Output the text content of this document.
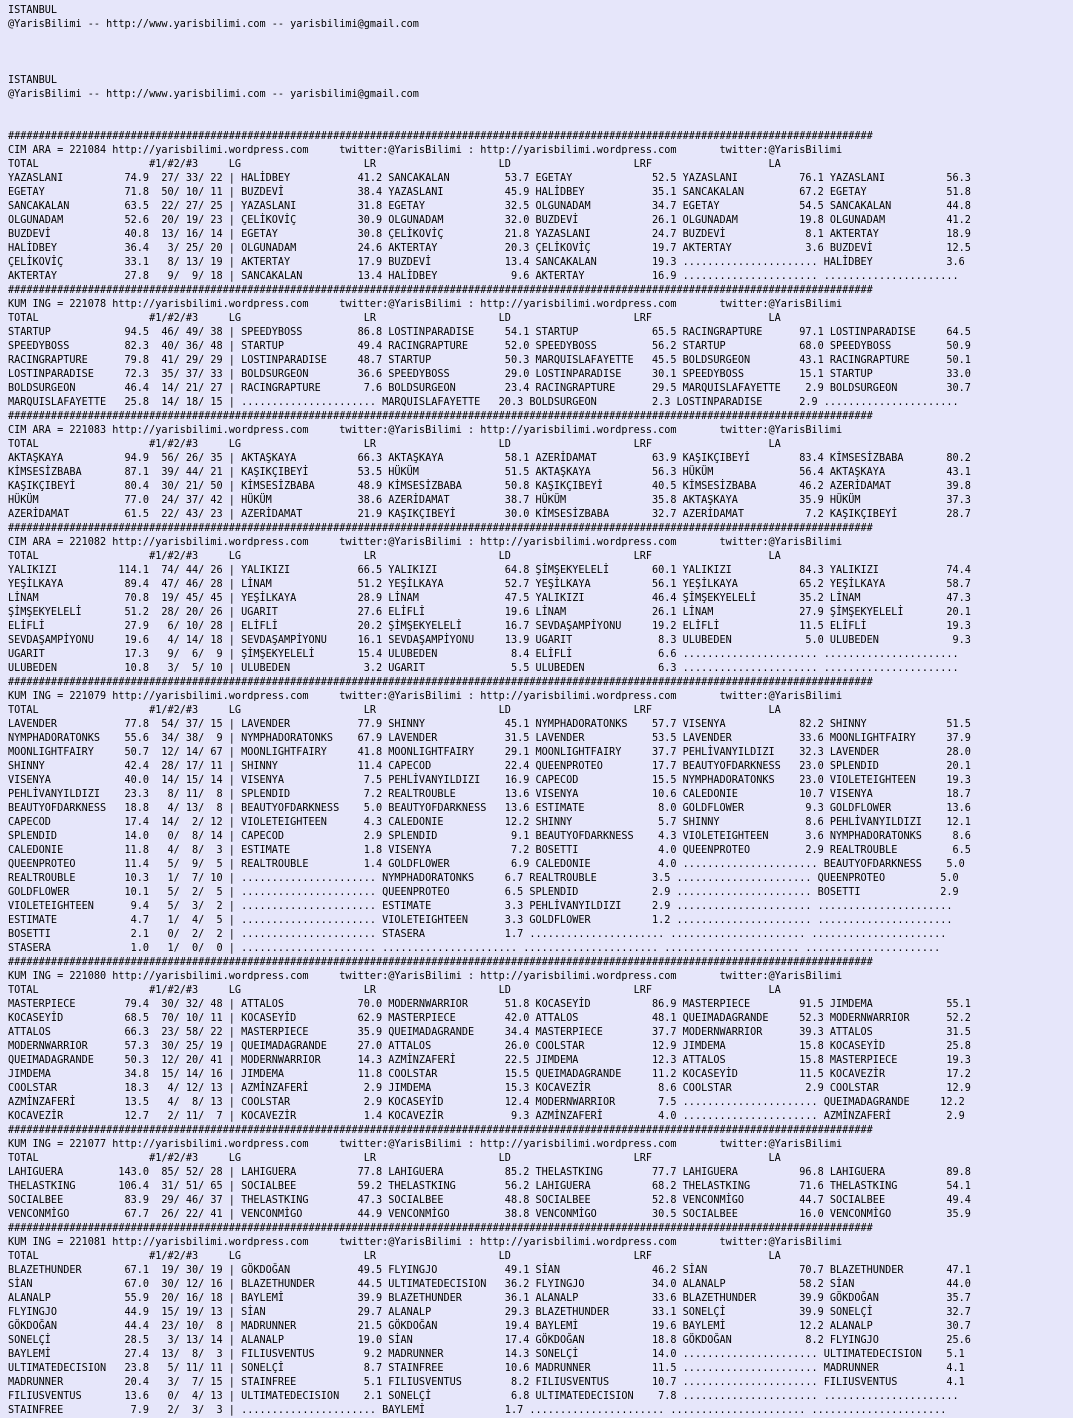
ISTANBUL
@YarisBilimi -- http://www.yarisbilimi.com -- yarisbilimi@gmail.com
ISTANBUL
@YarisBilimi -- http://www.yarisbilimi.com -- yarisbilimi@gmail.com
#############################################################################################################################################
CIM ARA = 221084 http://yarisbilimi.wordpress.com     twitter:@YarisBilimi : http://yarisbilimi.wordpress.com       twitter:@YarisBilimi
TOTAL                  #1/#2/#3     LG                    LR                    LD                    LRF                   LA
YAZASLANI          74.9  27/ 33/ 22 | HALİDBEY           41.2 SANCAKALAN         53.7 EGETAY             52.5 YAZASLANI          76.1 YAZASLANI          56.3
EGETAY             71.8  50/ 10/ 11 | BUZDEVİ            38.4 YAZASLANI          45.9 HALİDBEY           35.1 SANCAKALAN         67.2 EGETAY             51.8
SANCAKALAN         63.5  22/ 27/ 25 | YAZASLANI          31.8 EGETAY             32.5 OLGUNADAM          34.7 EGETAY             54.5 SANCAKALAN         44.8
OLGUNADAM          52.6  20/ 19/ 23 | ÇELİKOVİÇ          30.9 OLGUNADAM          32.0 BUZDEVİ            26.1 OLGUNADAM          19.8 OLGUNADAM          41.2
BUZDEVİ            40.8  13/ 16/ 14 | EGETAY             30.8 ÇELİKOVİÇ          21.8 YAZASLANI          24.7 BUZDEVİ             8.1 AKTERTAY           18.9
HALİDBEY           36.4   3/ 25/ 20 | OLGUNADAM          24.6 AKTERTAY           20.3 ÇELİKOVİÇ          19.7 AKTERTAY            3.6 BUZDEVİ            12.5
ÇELİKOVİÇ          33.1   8/ 13/ 19 | AKTERTAY           17.9 BUZDEVİ            13.4 SANCAKALAN         19.3 ...................... HALİDBEY            3.6
AKTERTAY           27.8   9/  9/ 18 | SANCAKALAN         13.4 HALİDBEY            9.6 AKTERTAY           16.9 ...................... ......................
#############################################################################################################################################
KUM ING = 221078 http://yarisbilimi.wordpress.com     twitter:@YarisBilimi : http://yarisbilimi.wordpress.com       twitter:@YarisBilimi
TOTAL                  #1/#2/#3     LG                    LR                    LD                    LRF                   LA
STARTUP            94.5  46/ 49/ 38 | SPEEDYBOSS         86.8 LOSTINPARADISE     54.1 STARTUP            65.5 RACINGRAPTURE      97.1 LOSTINPARADISE     64.5
SPEEDYBOSS         82.3  40/ 36/ 48 | STARTUP            49.4 RACINGRAPTURE      52.0 SPEEDYBOSS         56.2 STARTUP            68.0 SPEEDYBOSS         50.9
RACINGRAPTURE      79.8  41/ 29/ 29 | LOSTINPARADISE     48.7 STARTUP            50.3 MARQUISLAFAYETTE   45.5 BOLDSURGEON        43.1 RACINGRAPTURE      50.1
LOSTINPARADISE     72.3  35/ 37/ 33 | BOLDSURGEON        36.6 SPEEDYBOSS         29.0 LOSTINPARADISE     30.1 SPEEDYBOSS         15.1 STARTUP            33.0
BOLDSURGEON        46.4  14/ 21/ 27 | RACINGRAPTURE       7.6 BOLDSURGEON        23.4 RACINGRAPTURE      29.5 MARQUISLAFAYETTE    2.9 BOLDSURGEON        30.7
MARQUISLAFAYETTE   25.8  14/ 18/ 15 | ...................... MARQUISLAFAYETTE   20.3 BOLDSURGEON         2.3 LOSTINPARADISE      2.9 ......................
#############################################################################################################################################
CIM ARA = 221083 http://yarisbilimi.wordpress.com     twitter:@YarisBilimi : http://yarisbilimi.wordpress.com       twitter:@YarisBilimi
TOTAL                  #1/#2/#3     LG                    LR                    LD                    LRF                   LA
AKTAŞKAYA          94.9  56/ 26/ 35 | AKTAŞKAYA          66.3 AKTAŞKAYA          58.1 AZERİDAMAT         63.9 KAŞIKÇIBEYİ        83.4 KİMSESİZBABA       80.2
KİMSESİZBABA       87.1  39/ 44/ 21 | KAŞIKÇIBEYİ        53.5 HÜKÜM              51.5 AKTAŞKAYA          56.3 HÜKÜM              56.4 AKTAŞKAYA          43.1
KAŞIKÇIBEYİ        80.4  30/ 21/ 50 | KİMSESİZBABA       48.9 KİMSESİZBABA       50.8 KAŞIKÇIBEYİ        40.5 KİMSESİZBABA       46.2 AZERİDAMAT         39.8
HÜKÜM              77.0  24/ 37/ 42 | HÜKÜM              38.6 AZERİDAMAT         38.7 HÜKÜM              35.8 AKTAŞKAYA          35.9 HÜKÜM              37.3
AZERİDAMAT         61.5  22/ 43/ 23 | AZERİDAMAT         21.9 KAŞIKÇIBEYİ        30.0 KİMSESİZBABA       32.7 AZERİDAMAT          7.2 KAŞIKÇIBEYİ        28.7
#############################################################################################################################################
CIM ARA = 221082 http://yarisbilimi.wordpress.com     twitter:@YarisBilimi : http://yarisbilimi.wordpress.com       twitter:@YarisBilimi
TOTAL                  #1/#2/#3     LG                    LR                    LD                    LRF                   LA
YALIKIZI          114.1  74/ 44/ 26 | YALIKIZI           66.5 YALIKIZI           64.8 ŞİMŞEKYELELİ       60.1 YALIKIZI           84.3 YALIKIZI           74.4
YEŞİLKAYA          89.4  47/ 46/ 28 | LİNAM              51.2 YEŞİLKAYA          52.7 YEŞİLKAYA          56.1 YEŞİLKAYA          65.2 YEŞİLKAYA          58.7
LİNAM              70.8  19/ 45/ 45 | YEŞİLKAYA          28.9 LİNAM              47.5 YALIKIZI           46.4 ŞİMŞEKYELELİ       35.2 LİNAM              47.3
ŞİMŞEKYELELİ       51.2  28/ 20/ 26 | UGARIT             27.6 ELİFLİ             19.6 LİNAM              26.1 LİNAM              27.9 ŞİMŞEKYELELİ       20.1
ELİFLİ             27.9   6/ 10/ 28 | ELİFLİ             20.2 ŞİMŞEKYELELİ       16.7 SEVDAŞAMPİYONU     19.2 ELİFLİ             11.5 ELİFLİ             19.3
SEVDAŞAMPİYONU     19.6   4/ 14/ 18 | SEVDAŞAMPİYONU     16.1 SEVDAŞAMPİYONU     13.9 UGARIT              8.3 ULUBEDEN            5.0 ULUBEDEN            9.3
UGARIT             17.3   9/  6/  9 | ŞİMŞEKYELELİ       15.4 ULUBEDEN            8.4 ELİFLİ              6.6 ...................... ......................
ULUBEDEN           10.8   3/  5/ 10 | ULUBEDEN            3.2 UGARIT              5.5 ULUBEDEN            6.3 ...................... ......................
#############################################################################################################################################
KUM ING = 221079 http://yarisbilimi.wordpress.com     twitter:@YarisBilimi : http://yarisbilimi.wordpress.com       twitter:@YarisBilimi
TOTAL                  #1/#2/#3     LG                    LR                    LD                    LRF                   LA
LAVENDER           77.8  54/ 37/ 15 | LAVENDER           77.9 SHINNY             45.1 NYMPHADORATONKS    57.7 VISENYA            82.2 SHINNY             51.5
NYMPHADORATONKS    55.6  34/ 38/  9 | NYMPHADORATONKS    67.9 LAVENDER           31.5 LAVENDER           53.5 LAVENDER           33.6 MOONLIGHTFAIRY     37.9
MOONLIGHTFAIRY     50.7  12/ 14/ 67 | MOONLIGHTFAIRY     41.8 MOONLIGHTFAIRY     29.1 MOONLIGHTFAIRY     37.7 PEHLİVANYILDIZI    32.3 LAVENDER           28.0
SHINNY             42.4  28/ 17/ 11 | SHINNY             11.4 CAPECOD            22.4 QUEENPROTEO        17.7 BEAUTYOFDARKNESS   23.0 SPLENDID           20.1
VISENYA            40.0  14/ 15/ 14 | VISENYA             7.5 PEHLİVANYILDIZI    16.9 CAPECOD            15.5 NYMPHADORATONKS    23.0 VIOLETEIGHTEEN     19.3
PEHLİVANYILDIZI    23.3   8/ 11/  8 | SPLENDID            7.2 REALTROUBLE        13.6 VISENYA            10.6 CALEDONIE          10.7 VISENYA            18.7
BEAUTYOFDARKNESS   18.8   4/ 13/  8 | BEAUTYOFDARKNESS    5.0 BEAUTYOFDARKNESS   13.6 ESTIMATE            8.0 GOLDFLOWER          9.3 GOLDFLOWER         13.6
CAPECOD            17.4  14/  2/ 12 | VIOLETEIGHTEEN      4.3 CALEDONIE          12.2 SHINNY              5.7 SHINNY              8.6 PEHLİVANYILDIZI    12.1
SPLENDID           14.0   0/  8/ 14 | CAPECOD             2.9 SPLENDID            9.1 BEAUTYOFDARKNESS    4.3 VIOLETEIGHTEEN      3.6 NYMPHADORATONKS     8.6
CALEDONIE          11.8   4/  8/  3 | ESTIMATE            1.8 VISENYA             7.2 BOSETTI             4.0 QUEENPROTEO         2.9 REALTROUBLE         6.5
QUEENPROTEO        11.4   5/  9/  5 | REALTROUBLE         1.4 GOLDFLOWER          6.9 CALEDONIE           4.0 ...................... BEAUTYOFDARKNESS    5.0
REALTROUBLE        10.3   1/  7/ 10 | ...................... NYMPHADORATONKS     6.7 REALTROUBLE         3.5 ...................... QUEENPROTEO         5.0
GOLDFLOWER         10.1   5/  2/  5 | ...................... QUEENPROTEO         6.5 SPLENDID            2.9 ...................... BOSETTI             2.9
VIOLETEIGHTEEN      9.4   5/  3/  2 | ...................... ESTIMATE            3.3 PEHLİVANYILDIZI     2.9 ...................... ......................
ESTIMATE            4.7   1/  4/  5 | ...................... VIOLETEIGHTEEN      3.3 GOLDFLOWER          1.2 ...................... ......................
BOSETTI             2.1   0/  2/  2 | ...................... STASERA             1.7 ...................... ...................... ......................
STASERA             1.0   1/  0/  0 | ...................... ...................... ...................... ...................... ......................
#############################################################################################################################################
KUM ING = 221080 http://yarisbilimi.wordpress.com     twitter:@YarisBilimi : http://yarisbilimi.wordpress.com       twitter:@YarisBilimi
TOTAL                  #1/#2/#3     LG                    LR                    LD                    LRF                   LA
MASTERPIECE        79.4  30/ 32/ 48 | ATTALOS            70.0 MODERNWARRIOR      51.8 KOCASEYİD          86.9 MASTERPIECE        91.5 JIMDEMA            55.1
KOCASEYİD          68.5  70/ 10/ 11 | KOCASEYİD          62.9 MASTERPIECE        42.0 ATTALOS            48.1 QUEIMADAGRANDE     52.3 MODERNWARRIOR      52.2
ATTALOS            66.3  23/ 58/ 22 | MASTERPIECE        35.9 QUEIMADAGRANDE     34.4 MASTERPIECE        37.7 MODERNWARRIOR      39.3 ATTALOS            31.5
MODERNWARRIOR      57.3  30/ 25/ 19 | QUEIMADAGRANDE     27.0 ATTALOS            26.0 COOLSTAR           12.9 JIMDEMA            15.8 KOCASEYİD          25.8
QUEIMADAGRANDE     50.3  12/ 20/ 41 | MODERNWARRIOR      14.3 AZMİNZAFERİ        22.5 JIMDEMA            12.3 ATTALOS            15.8 MASTERPIECE        19.3
JIMDEMA            34.8  15/ 14/ 16 | JIMDEMA            11.8 COOLSTAR           15.5 QUEIMADAGRANDE     11.2 KOCASEYİD          11.5 KOCAVEZİR          17.2
COOLSTAR           18.3   4/ 12/ 13 | AZMİNZAFERİ         2.9 JIMDEMA            15.3 KOCAVEZİR           8.6 COOLSTAR            2.9 COOLSTAR           12.9
AZMİNZAFERİ        13.5   4/  8/ 13 | COOLSTAR            2.9 KOCASEYİD          12.4 MODERNWARRIOR       7.5 ...................... QUEIMADAGRANDE     12.2
KOCAVEZİR          12.7   2/ 11/  7 | KOCAVEZİR           1.4 KOCAVEZİR           9.3 AZMİNZAFERİ         4.0 ...................... AZMİNZAFERİ         2.9
#############################################################################################################################################
KUM ING = 221077 http://yarisbilimi.wordpress.com     twitter:@YarisBilimi : http://yarisbilimi.wordpress.com       twitter:@YarisBilimi
TOTAL                  #1/#2/#3     LG                    LR                    LD                    LRF                   LA
LAHIGUERA         143.0  85/ 52/ 28 | LAHIGUERA          77.8 LAHIGUERA          85.2 THELASTKING        77.7 LAHIGUERA          96.8 LAHIGUERA          89.8
THELASTKING       106.4  31/ 51/ 65 | SOCIALBEE          59.2 THELASTKING        56.2 LAHIGUERA          68.2 THELASTKING        71.6 THELASTKING        54.1
SOCIALBEE          83.9  29/ 46/ 37 | THELASTKING        47.3 SOCIALBEE          48.8 SOCIALBEE          52.8 VENCONMİGO         44.7 SOCIALBEE          49.4
VENCONMİGO         67.7  26/ 22/ 41 | VENCONMİGO         44.9 VENCONMİGO         38.8 VENCONMİGO         30.5 SOCIALBEE          16.0 VENCONMİGO         35.9
#############################################################################################################################################
KUM ING = 221081 http://yarisbilimi.wordpress.com     twitter:@YarisBilimi : http://yarisbilimi.wordpress.com       twitter:@YarisBilimi
TOTAL                  #1/#2/#3     LG                    LR                    LD                    LRF                   LA
BLAZETHUNDER       67.1  19/ 30/ 19 | GÖKDOĞAN           49.5 FLYINGJO           49.1 SİAN               46.2 SİAN               70.7 BLAZETHUNDER       47.1
SİAN               67.0  30/ 12/ 16 | BLAZETHUNDER       44.5 ULTIMATEDECISION   36.2 FLYINGJO           34.0 ALANALP            58.2 SİAN               44.0
ALANALP            55.9  20/ 16/ 18 | BAYLEMİ            39.9 BLAZETHUNDER       36.1 ALANALP            33.6 BLAZETHUNDER       39.9 GÖKDOĞAN           35.7
FLYINGJO           44.9  15/ 19/ 13 | SİAN               29.7 ALANALP            29.3 BLAZETHUNDER       33.1 SONELÇİ            39.9 SONELÇİ            32.7
GÖKDOĞAN           44.4  23/ 10/  8 | MADRUNNER          21.5 GÖKDOĞAN           19.4 BAYLEMİ            19.6 BAYLEMİ            12.2 ALANALP            30.7
SONELÇİ            28.5   3/ 13/ 14 | ALANALP            19.0 SİAN               17.4 GÖKDOĞAN           18.8 GÖKDOĞAN            8.2 FLYINGJO           25.6
BAYLEMİ            27.4  13/  8/  3 | FILIUSVENTUS        9.2 MADRUNNER          14.3 SONELÇİ            14.0 ...................... ULTIMATEDECISION    5.1
ULTIMATEDECISION   23.8   5/ 11/ 11 | SONELÇİ             8.7 STAINFREE          10.6 MADRUNNER          11.5 ...................... MADRUNNER           4.1
MADRUNNER          20.4   3/  7/ 15 | STAINFREE           5.1 FILIUSVENTUS        8.2 FILIUSVENTUS       10.7 ...................... FILIUSVENTUS        4.1
FILIUSVENTUS       13.6   0/  4/ 13 | ULTIMATEDECISION    2.1 SONELÇİ             6.8 ULTIMATEDECISION    7.8 ...................... ......................
STAINFREE           7.9   2/  3/  3 | ...................... BAYLEMİ             1.7 ...................... ...................... ......................
